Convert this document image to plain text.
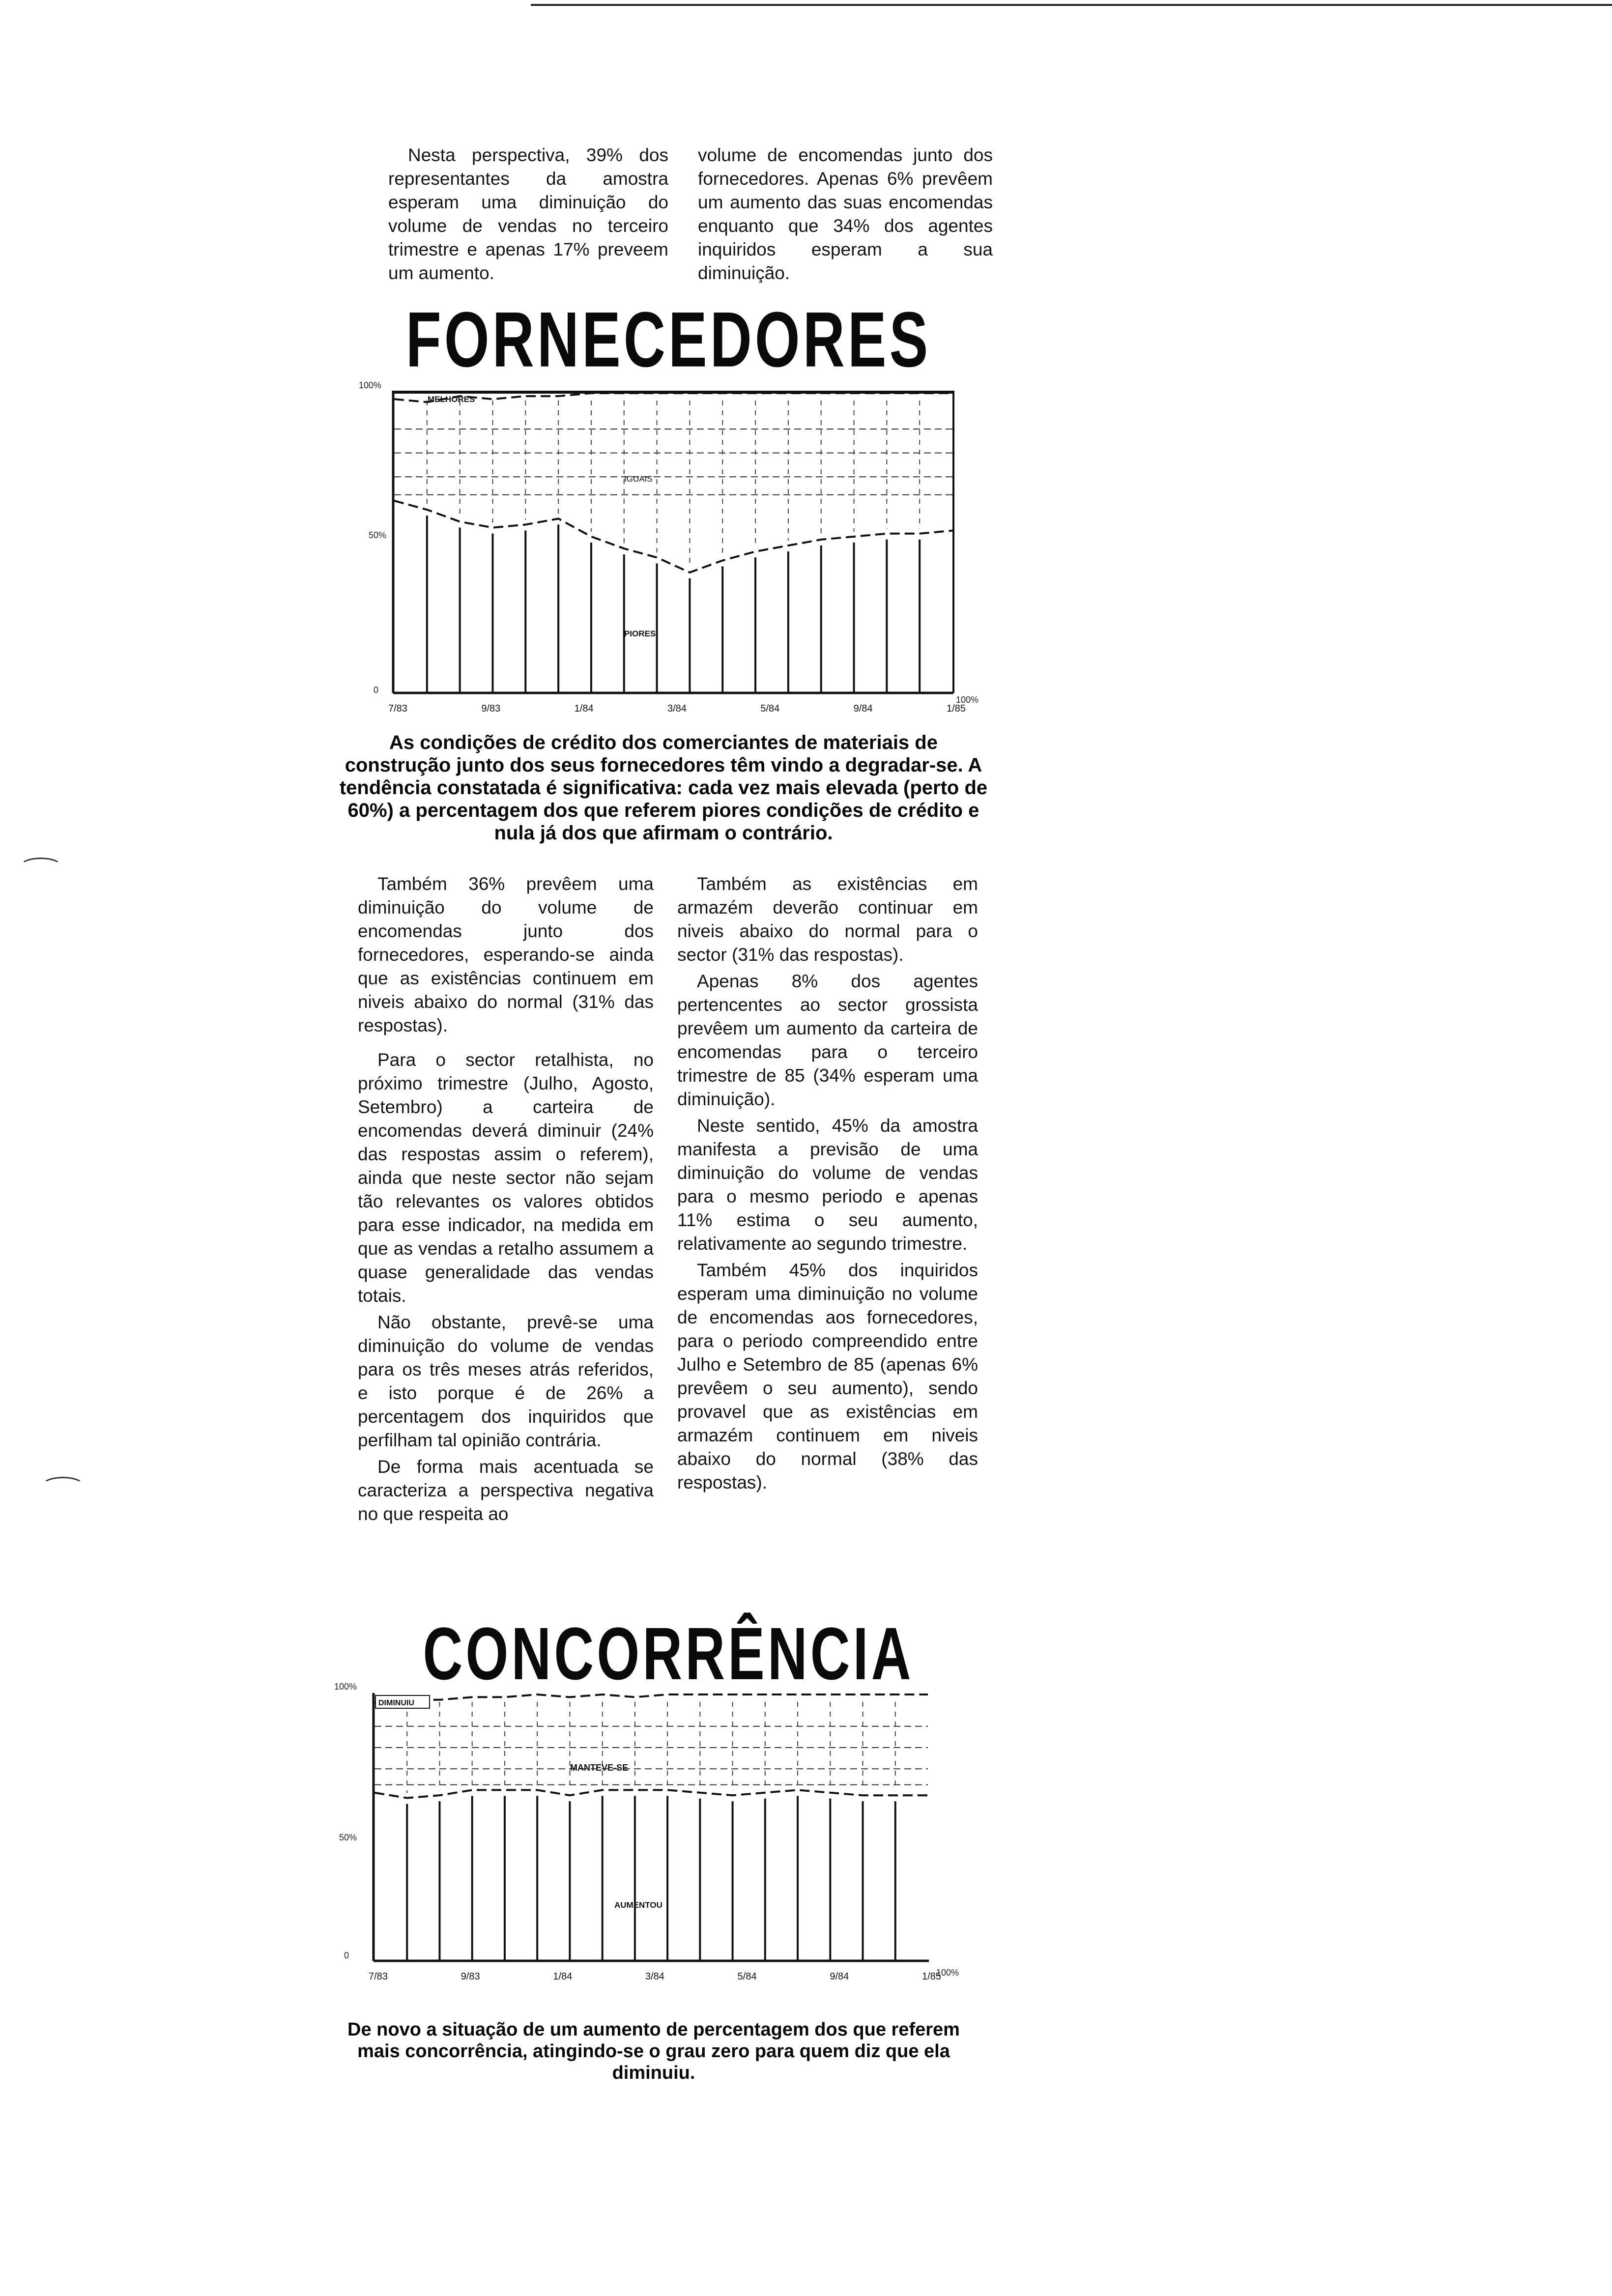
Nesta perspectiva, 39% dos representantes da amostra esperam uma diminuição do volume de vendas no terceiro trimestre e apenas 17% preveem um aumento.

volume de encomendas junto dos fornecedores. Apenas 6% prevêem um aumento das suas encomendas enquanto que 34% dos agentes inquiridos esperam a sua diminuição.

FORNECEDORES
100%
50%
0
100%
MELHORES
IGUAIS
PIORES
7/83	9/83	1/84	3/84	5/84	9/84	1/85
As condições de crédito dos comerciantes de materiais de construção junto dos seus fornecedores têm vindo a degradar-se. A tendência constatada é significativa: cada vez mais elevada (perto de 60%) a percentagem dos que referem piores condições de crédito e nula já dos que afirmam o contrário.

Também 36% prevêem uma diminuição do volume de encomendas junto dos fornecedores, esperando-se ainda que as existências continuem em niveis abaixo do normal (31% das respostas).

Para o sector retalhista, no próximo trimestre (Julho, Agosto, Setembro) a carteira de encomendas deverá diminuir (24% das respostas assim o referem), ainda que neste sector não sejam tão relevantes os valores obtidos para esse indicador, na medida em que as vendas a retalho assumem a quase generalidade das vendas totais.

Não obstante, prevê-se uma diminuição do volume de vendas para os três meses atrás referidos, e isto porque é de 26% a percentagem dos inquiridos que perfilham tal opinião contrária.

De forma mais acentuada se caracteriza a perspectiva negativa no que respeita ao

Também as existências em armazém deverão continuar em niveis abaixo do normal para o sector (31% das respostas).

Apenas 8% dos agentes pertencentes ao sector grossista prevêem um aumento da carteira de encomendas para o terceiro trimestre de 85 (34% esperam uma diminuição).

Neste sentido, 45% da amostra manifesta a previsão de uma diminuição do volume de vendas para o mesmo periodo e apenas 11% estima o seu aumento, relativamente ao segundo trimestre.

Também 45% dos inquiridos esperam uma diminuição no volume de encomendas aos fornecedores, para o periodo compreendido entre Julho e Setembro de 85 (apenas 6% prevêem o seu aumento), sendo provavel que as existências em armazém continuem em niveis abaixo do normal (38% das respostas).

CONCORRÊNCIA
100%
50%
0
100%
DIMINUIU
MANTEVE-SE
AUMENTOU
7/83	9/83	1/84	3/84	5/84	9/84	1/85
De novo a situação de um aumento de percentagem dos que referem mais concorrência, atingindo-se o grau zero para quem diz que ela diminuiu.
